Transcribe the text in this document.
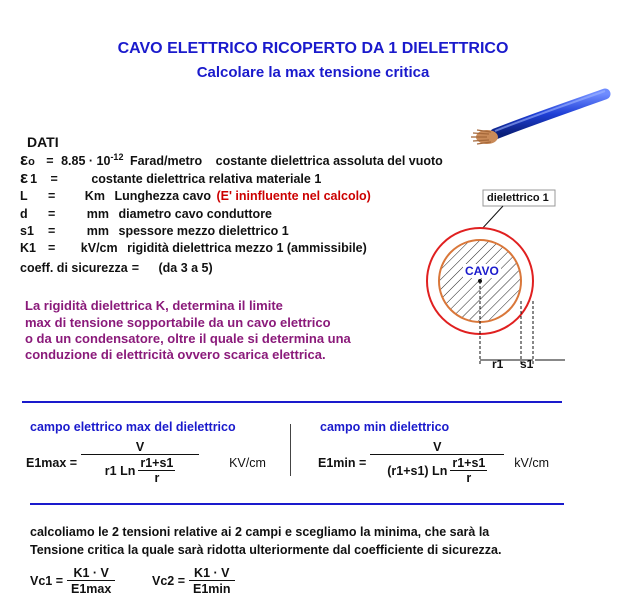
CAVO ELETTRICO RICOPERTO DA 1 DIELETTRICO
Calcolare la max tensione critica
DATI
$\varepsilon o = 8.85 \cdot 10^{-12}$ Farad/metro costante dielettrica assoluta del vuoto
ε 1 =	costante dielettrica relativa materiale 1
L = Km Lunghezza cavo (E' ininfluente nel calcolo)
d =	mm diametro cavo conduttore
s1 =	mm spessore mezzo dielettrico 1
K1 = kV/cm rigidità dielettrica mezzo 1 (ammissibile)
coeff. di sicurezza = (da 3 a 5)
La rigidità dielettrica K, determina il limite
max di tensione sopportabile da un cavo elettrico
o da un condensatore, oltre il quale si determina una
conduzione di elettricità ovvero scarica elettrica.
dielettrico 1
CAVO
r1 s1
campo elettrico max del dielettrico
E1max = V
r1 Ln
r1+s1
r	KV/cm
campo min dielettrico
E1min = V
(r1+s1) Ln
r1+s1
r kV/cm
calcoliamo le 2 tensioni relative ai 2 campi e scegliamo la minima, che sarà la
Tensione critica la quale sarà ridotta ulteriormente dal coefficiente di sicurezza.
$Vc1 = \frac{K1 \cdot V}{E1\max}$	$Vc2 = \frac{K1 \cdot V}{E1\min}$
